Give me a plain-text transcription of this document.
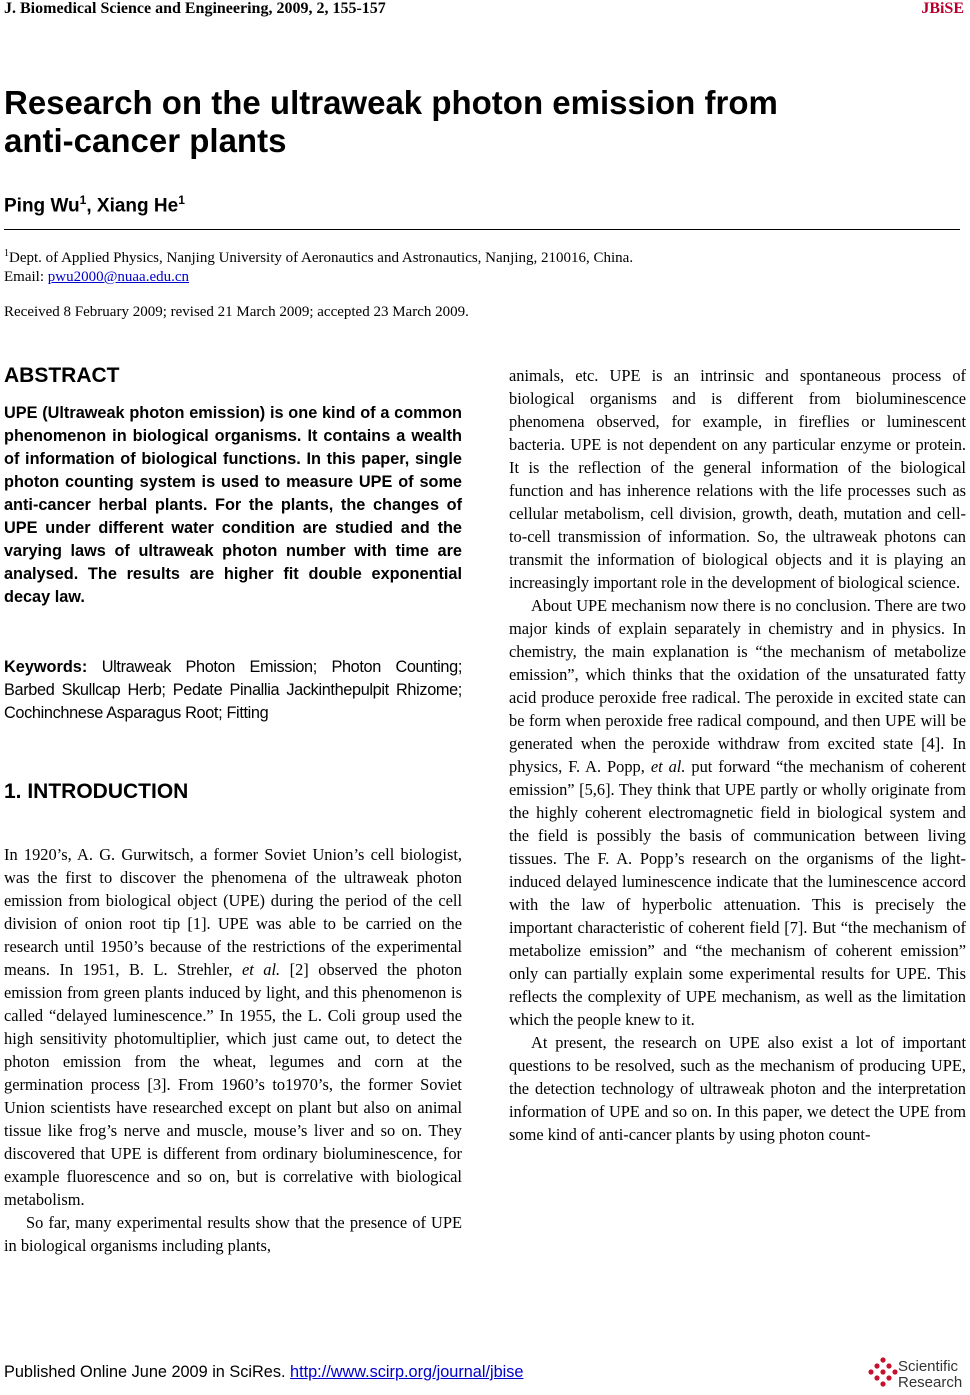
J. Biomedical Science and Engineering, 2009, 2, 155-157	JBiSE
Research on the ultraweak photon emission from
anti-cancer plants
Ping Wu$^1$, Xiang He$^1$
$^1$Dept. of Applied Physics, Nanjing University of Aeronautics and Astronautics, Nanjing, 210016, China.
Email: pwu2000@nuaa.edu.cn
Received 8 February 2009; revised 21 March 2009; accepted 23 March 2009.
ABSTRACT
UPE (Ultraweak photon emission) is one kind of a common phenomenon in biological organisms. It contains a wealth of information of biological functions. In this paper, single photon counting system is used to measure UPE of some anti-cancer herbal plants. For the plants, the changes of UPE under different water condition are studied and the varying laws of ultraweak photon number with time are analysed. The results are higher fit double exponential decay law.
Keywords: Ultraweak Photon Emission; Photon Counting; Barbed Skullcap Herb; Pedate Pinallia Jackinthepulpit Rhizome; Cochinchnese Asparagus Root; Fitting
1. INTRODUCTION

In 1920’s, A. G. Gurwitsch, a former Soviet Union’s cell biologist, was the first to discover the phenomena of the ultraweak photon emission from biological object (UPE) during the period of the cell division of onion root tip [1]. UPE was able to be carried on the research until 1950’s because of the restrictions of the experimental means. In 1951, B. L. Strehler, et al. [2] observed the photon emission from green plants induced by light, and this phenomenon is called “delayed luminescence.” In 1955, the L. Coli group used the high sensitivity photomultiplier, which just came out, to detect the photon emission from the wheat, legumes and corn at the germination process [3]. From 1960’s to1970’s, the former Soviet Union scientists have researched except on plant but also on animal tissue like frog’s nerve and muscle, mouse’s liver and so on. They discovered that UPE is different from ordinary bioluminescence, for example fluorescence and so on, but is correlative with biological metabolism.

So far, many experimental results show that the presence of UPE in biological organisms including plants,

animals, etc. UPE is an intrinsic and spontaneous process of biological organisms and is different from bioluminescence phenomena observed, for example, in fireflies or luminescent bacteria. UPE is not dependent on any particular enzyme or protein. It is the reflection of the general information of the biological function and has inherence relations with the life processes such as cellular metabolism, cell division, growth, death, mutation and cell-to-cell transmission of information. So, the ultraweak photons can transmit the information of biological objects and it is playing an increasingly important role in the development of biological science.

About UPE mechanism now there is no conclusion. There are two major kinds of explain separately in chemistry and in physics. In chemistry, the main explanation is “the mechanism of metabolize emission”, which thinks that the oxidation of the unsaturated fatty acid produce peroxide free radical. The peroxide in excited state can be form when peroxide free radical compound, and then UPE will be generated when the peroxide withdraw from excited state [4]. In physics, F. A. Popp, et al. put forward “the mechanism of coherent emission” [5,6]. They think that UPE partly or wholly originate from the highly coherent electromagnetic field in biological system and the field is possibly the basis of communication between living tissues. The F. A. Popp’s research on the organisms of the light-induced delayed luminescence indicate that the luminescence accord with the law of hyperbolic attenuation. This is precisely the important characteristic of coherent field [7]. But “the mechanism of metabolize emission” and “the mechanism of coherent emission” only can partially explain some experimental results for UPE. This reflects the complexity of UPE mechanism, as well as the limitation which the people knew to it.

At present, the research on UPE also exist a lot of important questions to be resolved, such as the mechanism of producing UPE, the detection technology of ultraweak photon and the interpretation information of UPE and so on. In this paper, we detect the UPE from some kind of anti-cancer plants by using photon count-

Published Online June 2009 in SciRes. http://www.scirp.org/journal/jbise	Scientific
Research
